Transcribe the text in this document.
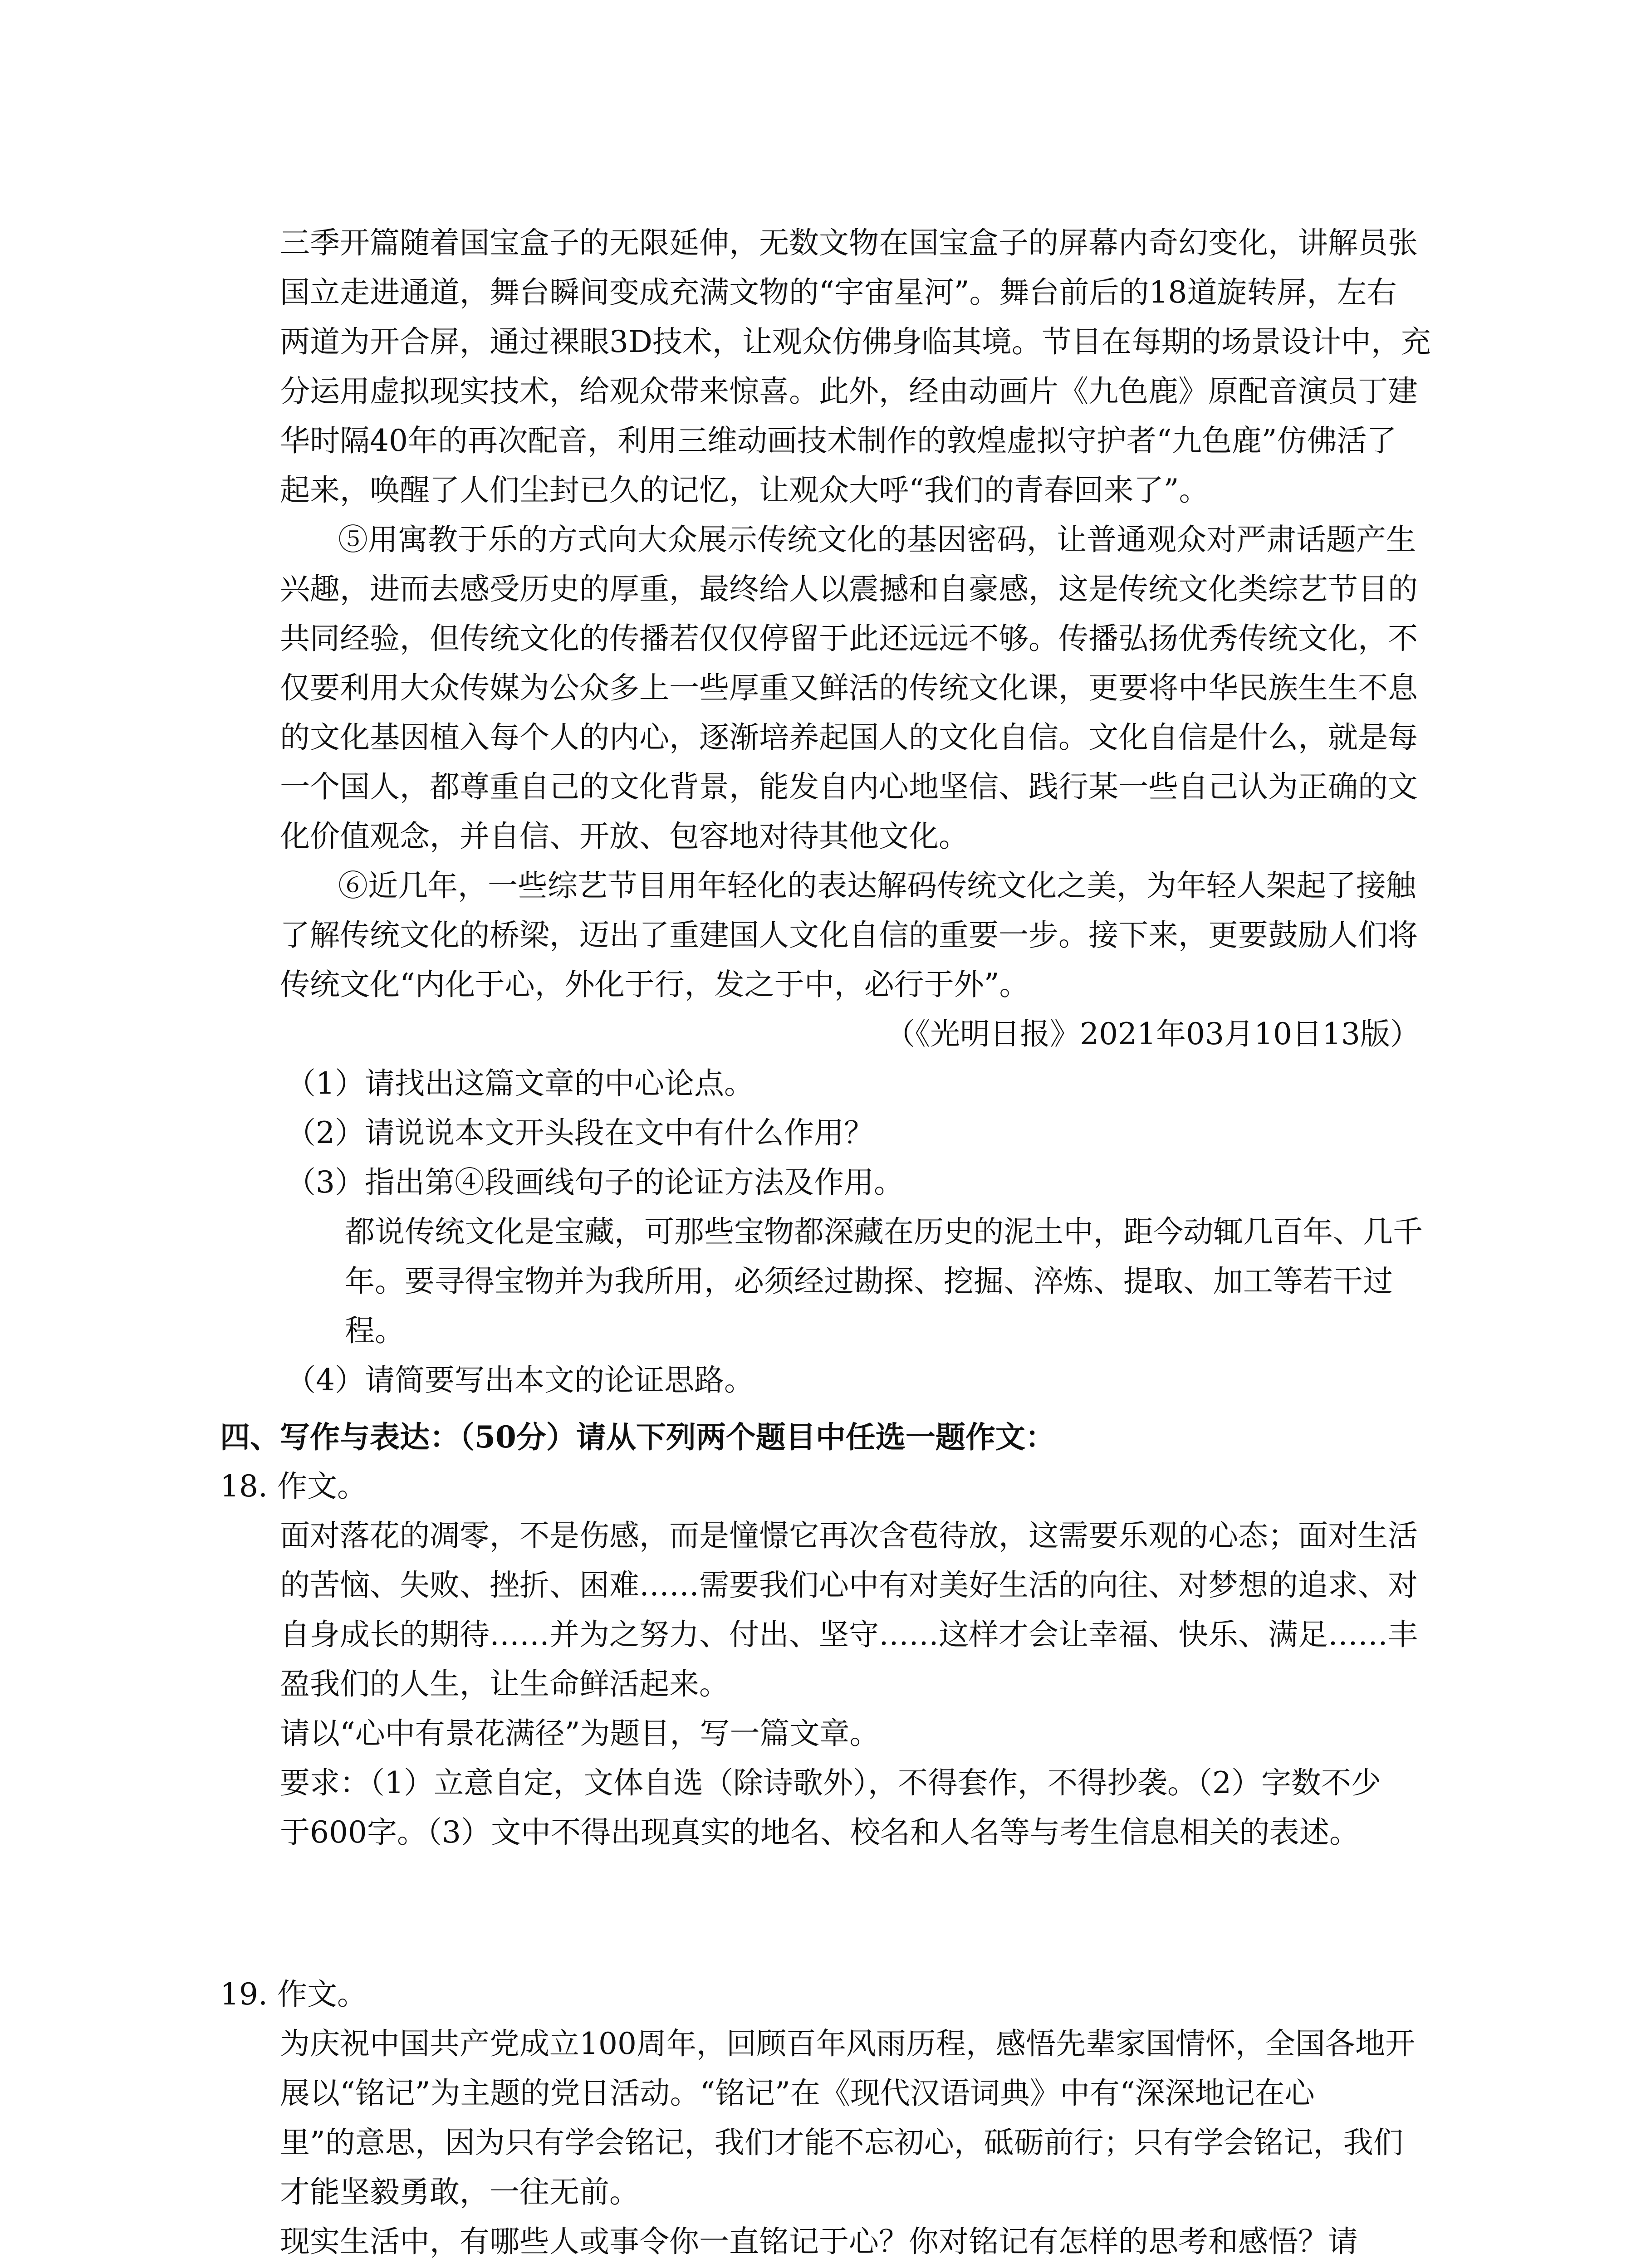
三季开篇随着国宝盒子的无限延伸，无数文物在国宝盒子的屏幕内奇幻变化，讲解员张
国立走进通道，舞台瞬间变成充满文物的“宇宙星河”。舞台前后的18道旋转屏，左右
两道为开合屏，通过裸眼3D技术，让观众仿佛身临其境。节目在每期的场景设计中，充
分运用虚拟现实技术，给观众带来惊喜。此外，经由动画片《九色鹿》原配音演员丁建
华时隔40年的再次配音，利用三维动画技术制作的敦煌虚拟守护者“九色鹿”仿佛活了
起来，唤醒了人们尘封已久的记忆，让观众大呼“我们的青春回来了”。
⑤用寓教于乐的方式向大众展示传统文化的基因密码，让普通观众对严肃话题产生
兴趣，进而去感受历史的厚重，最终给人以震撼和自豪感，这是传统文化类综艺节目的
共同经验，但传统文化的传播若仅仅停留于此还远远不够。传播弘扬优秀传统文化，不
仅要利用大众传媒为公众多上一些厚重又鲜活的传统文化课，更要将中华民族生生不息
的文化基因植入每个人的内心，逐渐培养起国人的文化自信。文化自信是什么，就是每
一个国人，都尊重自己的文化背景，能发自内心地坚信、践行某一些自己认为正确的文
化价值观念，并自信、开放、包容地对待其他文化。
⑥近几年，一些综艺节目用年轻化的表达解码传统文化之美，为年轻人架起了接触
了解传统文化的桥梁，迈出了重建国人文化自信的重要一步。接下来，更要鼓励人们将
传统文化“内化于心，外化于行，发之于中，必行于外”。
（《光明日报》2021年03月10日13版）
（1）请找出这篇文章的中心论点。
（2）请说说本文开头段在文中有什么作用？
（3）指出第④段画线句子的论证方法及作用。
都说传统文化是宝藏，可那些宝物都深藏在历史的泥土中，距今动辄几百年、几千
年。要寻得宝物并为我所用，必须经过勘探、挖掘、淬炼、提取、加工等若干过
程。
（4）请简要写出本文的论证思路。
四、写作与表达：（50分）请从下列两个题目中任选一题作文：
18. 作文。
面对落花的凋零，不是伤感，而是憧憬它再次含苞待放，这需要乐观的心态；面对生活
的苦恼、失败、挫折、困难……需要我们心中有对美好生活的向往、对梦想的追求、对
自身成长的期待……并为之努力、付出、坚守……这样才会让幸福、快乐、满足……丰
盈我们的人生，让生命鲜活起来。
请以“心中有景花满径”为题目，写一篇文章。
要求：（1）立意自定，文体自选（除诗歌外），不得套作，不得抄袭。（2）字数不少
于600字。（3）文中不得出现真实的地名、校名和人名等与考生信息相关的表述。
19. 作文。
为庆祝中国共产党成立100周年，回顾百年风雨历程，感悟先辈家国情怀，全国各地开
展以“铭记”为主题的党日活动。“铭记”在《现代汉语词典》中有“深深地记在心
里”的意思，因为只有学会铭记，我们才能不忘初心，砥砺前行；只有学会铭记，我们
才能坚毅勇敢，一往无前。
现实生活中，有哪些人或事令你一直铭记于心？你对铭记有怎样的思考和感悟？请
